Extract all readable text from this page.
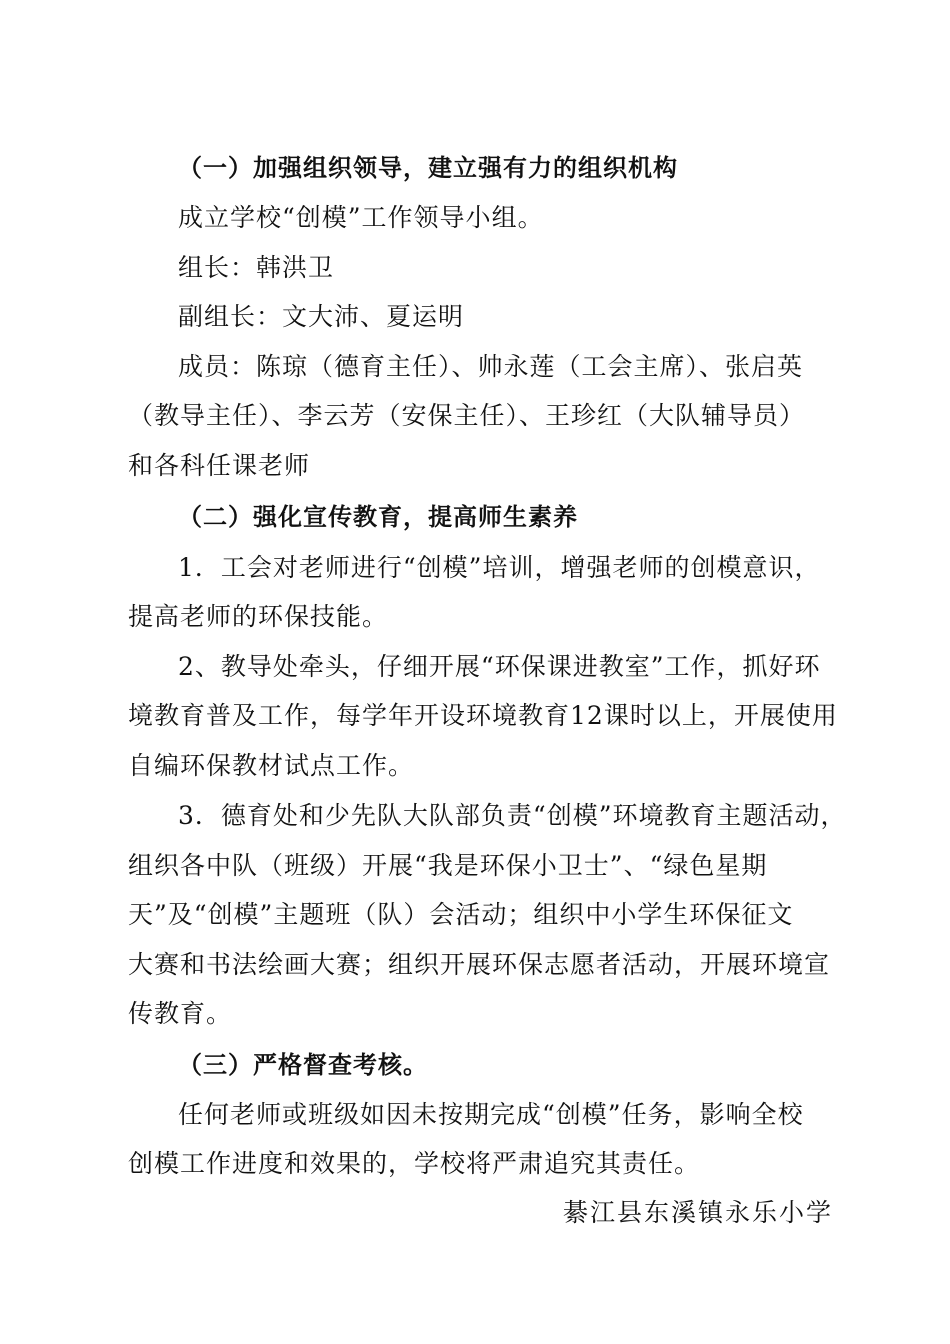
（一）加强组织领导，建立强有力的组织机构
成立学校“创模”工作领导小组。
组长：韩洪卫
副组长：文大沛、夏运明
成员：陈琼（德育主任）、帅永莲（工会主席）、张启英
（教导主任）、李云芳（安保主任）、王珍红（大队辅导员）
和各科任课老师
（二）强化宣传教育，提高师生素养
1．工会对老师进行“创模”培训，增强老师的创模意识，
提高老师的环保技能。
2、教导处牵头，仔细开展“环保课进教室”工作，抓好环
境教育普及工作，每学年开设环境教育12课时以上，开展使用
自编环保教材试点工作。
3．德育处和少先队大队部负责“创模”环境教育主题活动，
组织各中队（班级）开展“我是环保小卫士”、“绿色星期
天”及“创模”主题班（队）会活动；组织中小学生环保征文
大赛和书法绘画大赛；组织开展环保志愿者活动，开展环境宣
传教育。
（三）严格督查考核。
任何老师或班级如因未按期完成“创模”任务，影响全校
创模工作进度和效果的，学校将严肃追究其责任。
綦江县东溪镇永乐小学
